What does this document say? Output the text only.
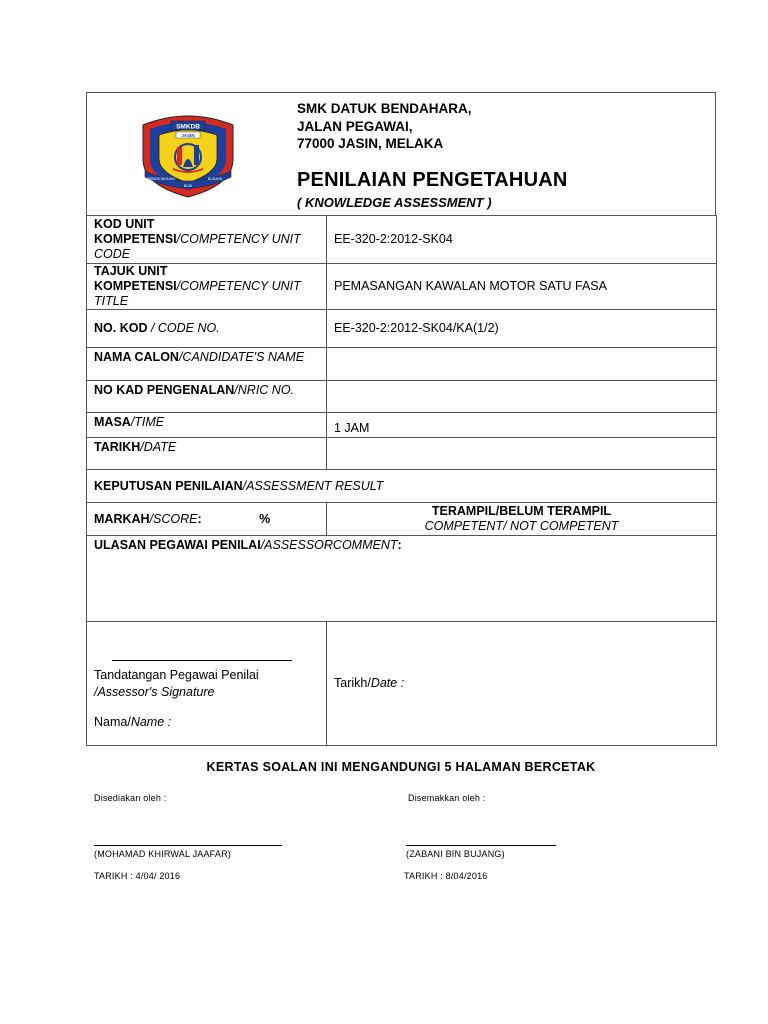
SMKDB
JASIN
PENGETAHUAN
BUDI
BUDAYA
SMK DATUK BENDAHARA,
JALAN PEGAWAI,
77000 JASIN, MELAKA
PENILAIAN PENGETAHUAN
( KNOWLEDGE ASSESSMENT )
KOD UNIT KOMPETENSI/COMPETENCY UNIT CODE	EE-320-2:2012-SK04
TAJUK UNIT KOMPETENSI/COMPETENCY UNIT TITLE	PEMASANGAN KAWALAN MOTOR SATU FASA
NO. KOD / CODE NO.	EE-320-2:2012-SK04/KA(1/2)
NAMA CALON/CANDIDATE'S NAME	
NO KAD PENGENALAN/NRIC NO.	
MASA/TIME	1 JAM
TARIKH/DATE	
KEPUTUSAN PENILAIAN/ASSESSMENT RESULT	
MARKAH/SCORE: %	TERAMPIL/BELUM TERAMPIL
COMPETENT/ NOT COMPETENT

ULASAN PEGAWAI PENILAI/ASSESSORCOMMENT:	

Tandatangan Pegawai Penilai /Assessor's Signature
Nama/Name :	Tarikh/Date :
KERTAS SOALAN INI MENGANDUNGI 5 HALAMAN BERCETAK
Disediakan oleh :	Disemakkan oleh :
(MOHAMAD KHIRWAL JAAFAR)	(ZABANI BIN BUJANG)
TARIKH : 4/04/ 2016	TARIKH : 8/04/2016
